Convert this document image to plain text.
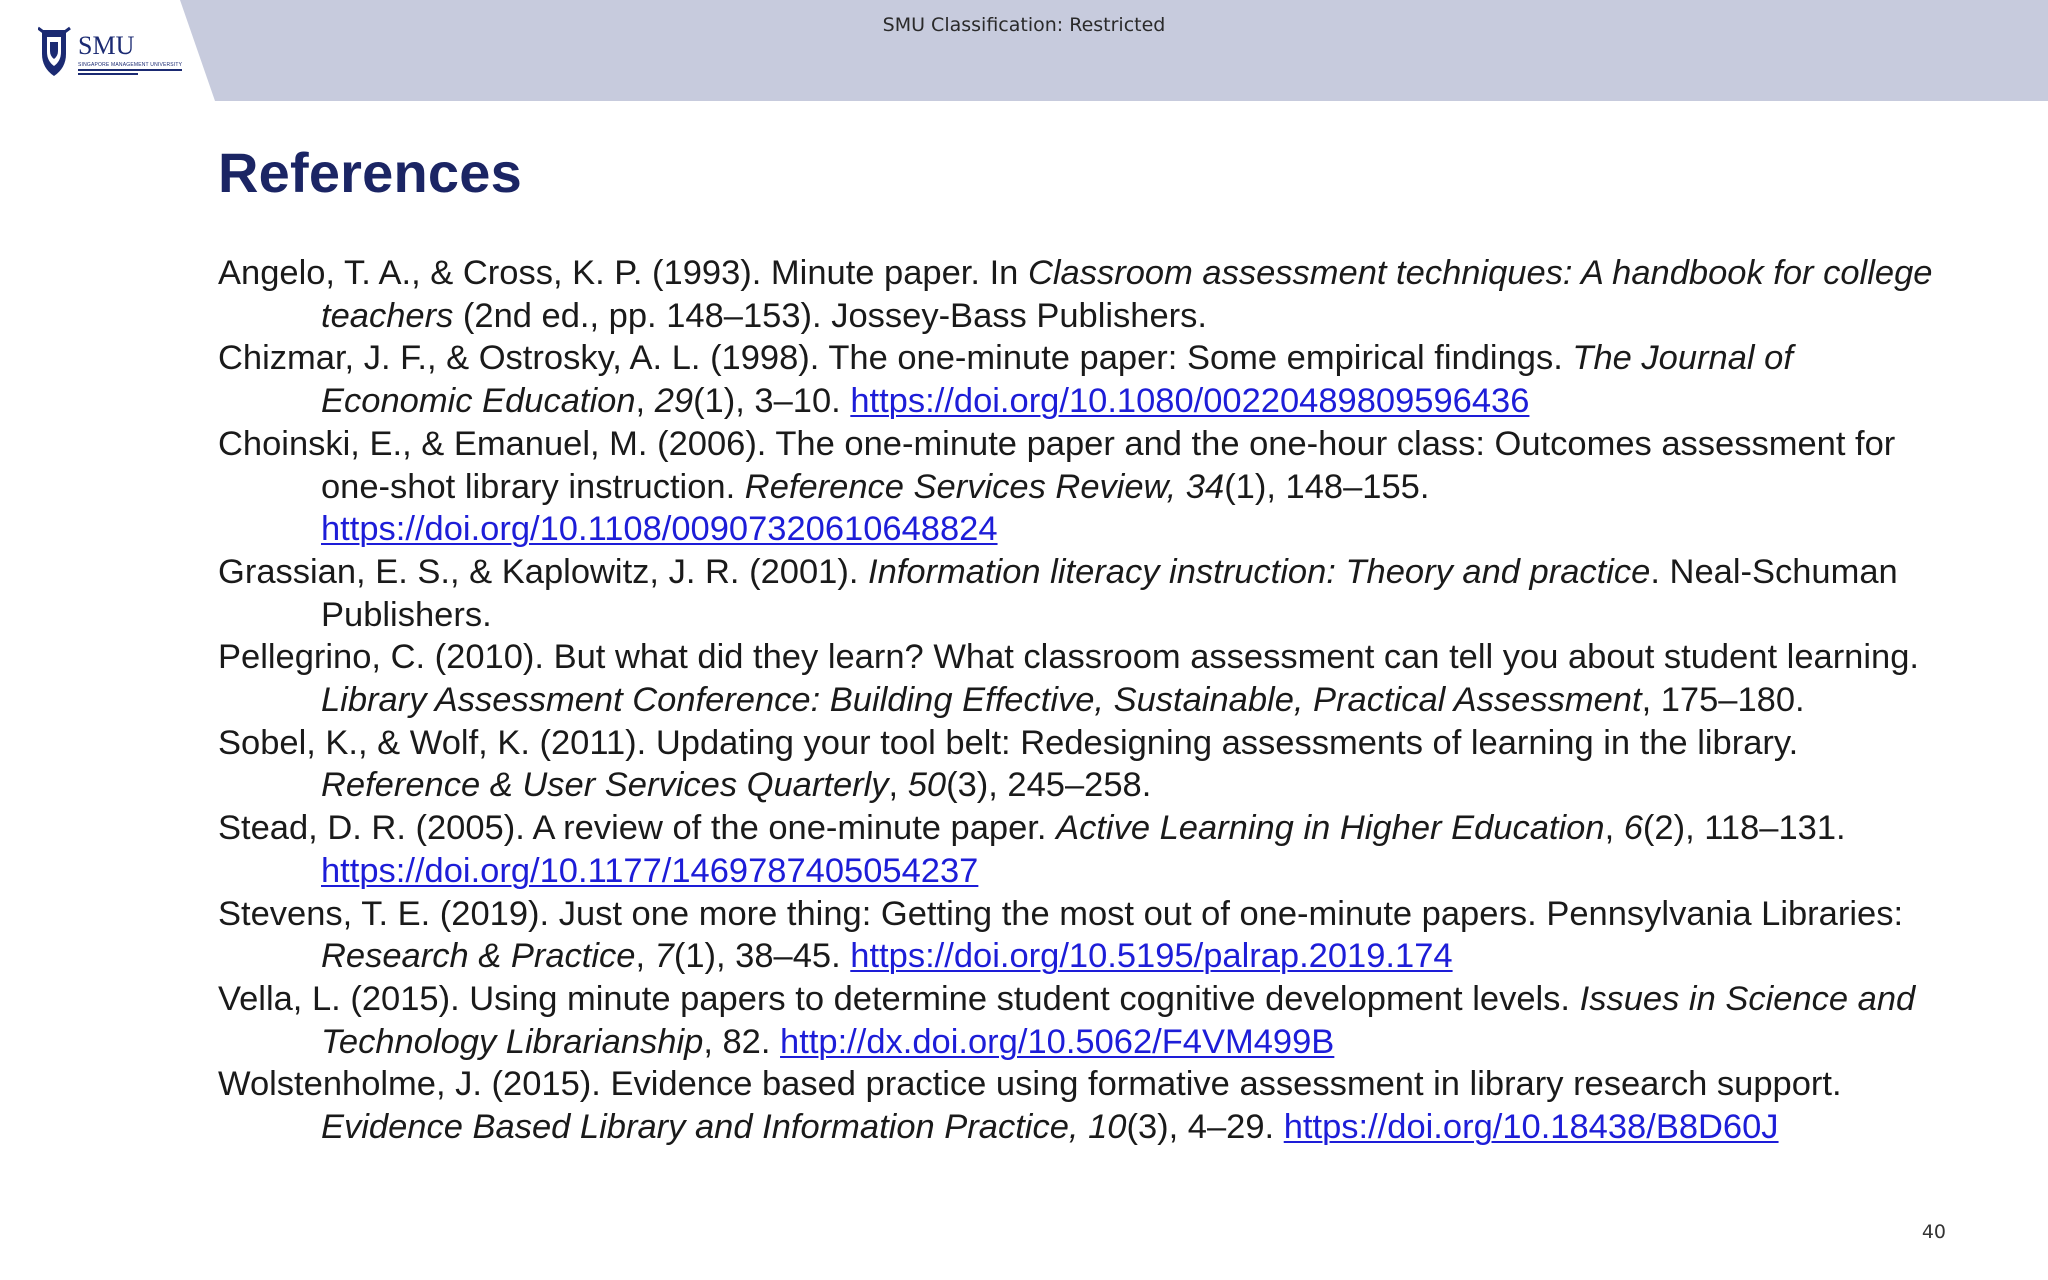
SMU
SINGAPORE MANAGEMENT UNIVERSITY
SMU Classification: Restricted
References
Angelo, T. A., & Cross, K. P. (1993). Minute paper. In Classroom assessment techniques: A handbook for college teachers (2nd ed., pp. 148–153). Jossey-Bass Publishers.
Chizmar, J. F., & Ostrosky, A. L. (1998). The one-minute paper: Some empirical findings. The Journal of Economic Education, 29(1), 3–10. https://doi.org/10.1080/00220489809596436
Choinski, E., & Emanuel, M. (2006). The one-minute paper and the one-hour class: Outcomes assessment for one-shot library instruction. Reference Services Review, 34(1), 148–155. https://doi.org/10.1108/00907320610648824
Grassian, E. S., & Kaplowitz, J. R. (2001). Information literacy instruction: Theory and practice. Neal-Schuman Publishers.
Pellegrino, C. (2010). But what did they learn? What classroom assessment can tell you about student learning. Library Assessment Conference: Building Effective, Sustainable, Practical Assessment, 175–180.
Sobel, K., & Wolf, K. (2011). Updating your tool belt: Redesigning assessments of learning in the library. Reference & User Services Quarterly, 50(3), 245–258.
Stead, D. R. (2005). A review of the one-minute paper. Active Learning in Higher Education, 6(2), 118–131. https://doi.org/10.1177/1469787405054237
Stevens, T. E. (2019). Just one more thing: Getting the most out of one-minute papers. Pennsylvania Libraries: Research & Practice, 7(1), 38–45. https://doi.org/10.5195/palrap.2019.174
Vella, L. (2015). Using minute papers to determine student cognitive development levels. Issues in Science and Technology Librarianship, 82. http://dx.doi.org/10.5062/F4VM499B
Wolstenholme, J. (2015). Evidence based practice using formative assessment in library research support. Evidence Based Library and Information Practice, 10(3), 4–29. https://doi.org/10.18438/B8D60J
40
